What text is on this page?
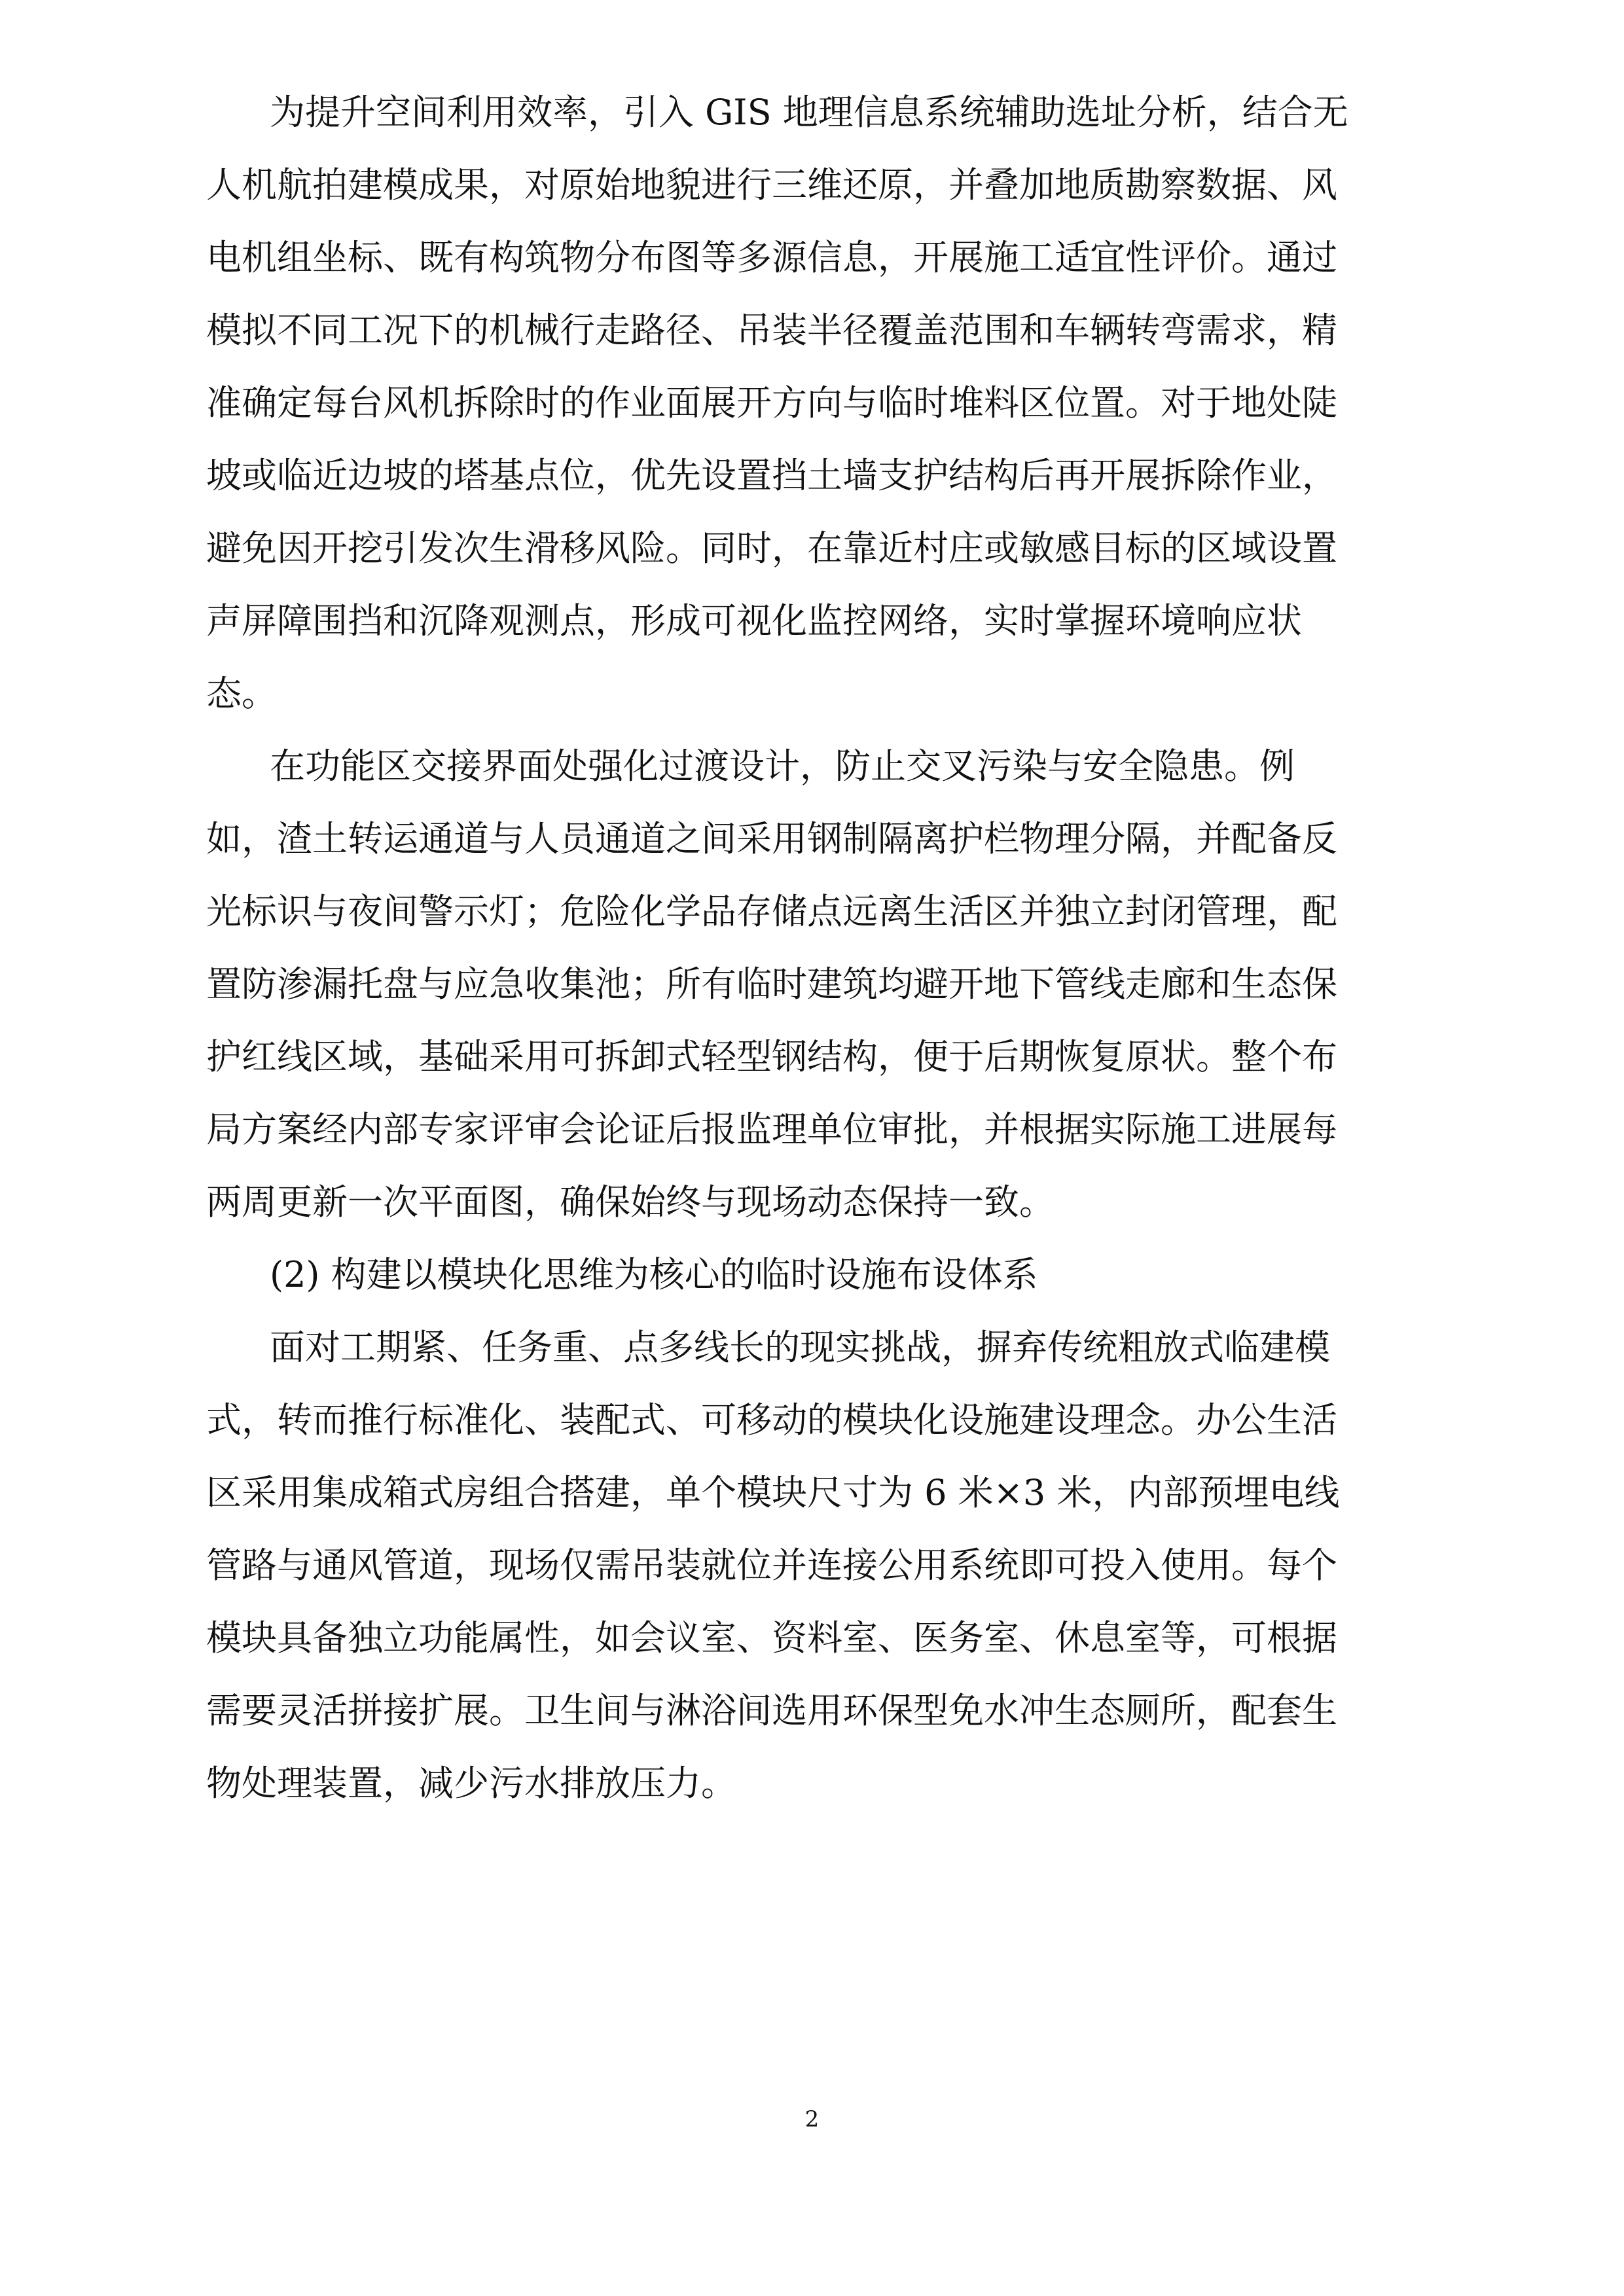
为提升空间利用效率，引入 GIS 地理信息系统辅助选址分析，结合无
人机航拍建模成果，对原始地貌进行三维还原，并叠加地质勘察数据、风
电机组坐标、既有构筑物分布图等多源信息，开展施工适宜性评价。通过
模拟不同工况下的机械行走路径、吊装半径覆盖范围和车辆转弯需求，精
准确定每台风机拆除时的作业面展开方向与临时堆料区位置。对于地处陡
坡或临近边坡的塔基点位，优先设置挡土墙支护结构后再开展拆除作业，
避免因开挖引发次生滑移风险。同时，在靠近村庄或敏感目标的区域设置
声屏障围挡和沉降观测点，形成可视化监控网络，实时掌握环境响应状
态。
在功能区交接界面处强化过渡设计，防止交叉污染与安全隐患。例
如，渣土转运通道与人员通道之间采用钢制隔离护栏物理分隔，并配备反
光标识与夜间警示灯；危险化学品存储点远离生活区并独立封闭管理，配
置防渗漏托盘与应急收集池；所有临时建筑均避开地下管线走廊和生态保
护红线区域，基础采用可拆卸式轻型钢结构，便于后期恢复原状。整个布
局方案经内部专家评审会论证后报监理单位审批，并根据实际施工进展每
两周更新一次平面图，确保始终与现场动态保持一致。
(2) 构建以模块化思维为核心的临时设施布设体系
面对工期紧、任务重、点多线长的现实挑战，摒弃传统粗放式临建模
式，转而推行标准化、装配式、可移动的模块化设施建设理念。办公生活
区采用集成箱式房组合搭建，单个模块尺寸为 6 米×3 米，内部预埋电线
管路与通风管道，现场仅需吊装就位并连接公用系统即可投入使用。每个
模块具备独立功能属性，如会议室、资料室、医务室、休息室等，可根据
需要灵活拼接扩展。卫生间与淋浴间选用环保型免水冲生态厕所，配套生
物处理装置，减少污水排放压力。
2
